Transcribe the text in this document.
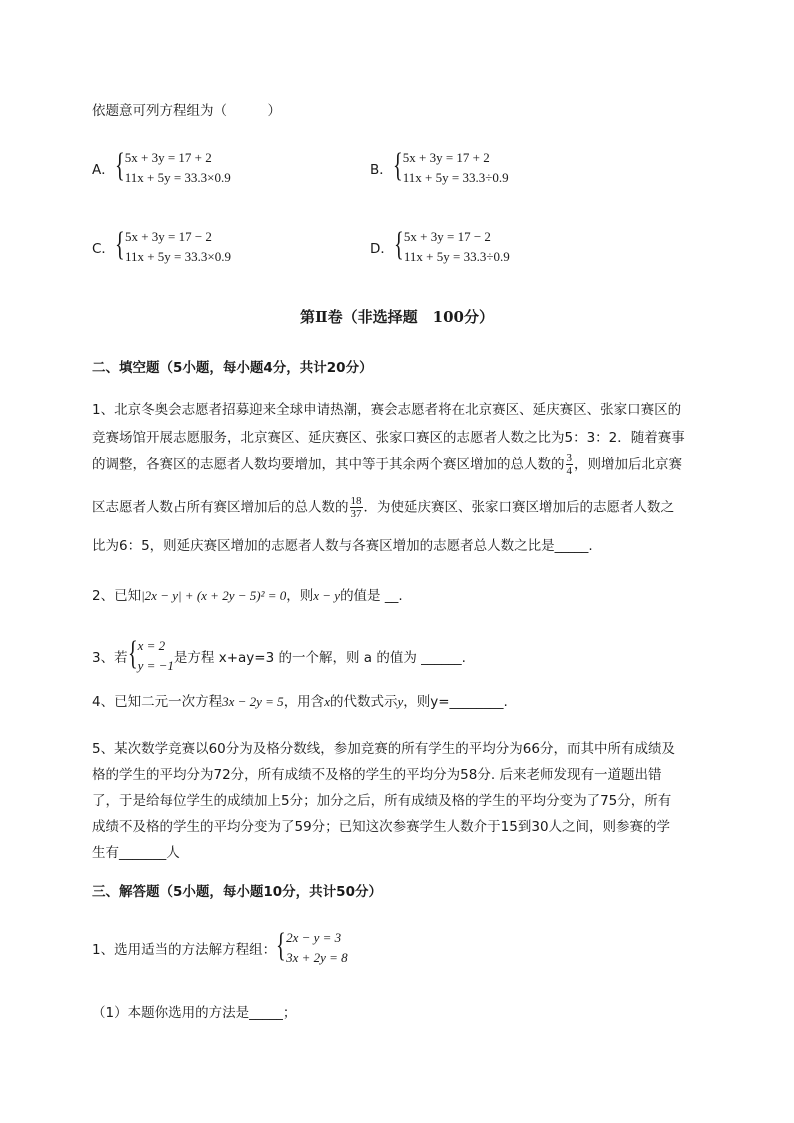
依题意可列方程组为（　　　）
A． { 5x + 3y = 17 + 2
11x + 5y = 33.3×0.9	B． { 5x + 3y = 17 + 2
11x + 5y = 33.3÷0.9
C． { 5x + 3y = 17 − 2
11x + 5y = 33.3×0.9	D． { 5x + 3y = 17 − 2
11x + 5y = 33.3÷0.9
第Ⅱ卷（非选择题　100分）
二、填空题（5小题，每小题4分，共计20分）
1、北京冬奥会志愿者招募迎来全球申请热潮，赛会志愿者将在北京赛区、延庆赛区、张家口赛区的
竞赛场馆开展志愿服务，北京赛区、延庆赛区、张家口赛区的志愿者人数之比为5：3：2．随着赛事
的调整，各赛区的志愿者人数均要增加，其中等于其余两个赛区增加的总人数的 $\frac{3}{4}$ ，则增加后北京赛
区志愿者人数占所有赛区增加后的总人数的 $\frac{18}{37}$ ．为使延庆赛区、张家口赛区增加后的志愿者人数之
比为6：5，则延庆赛区增加的志愿者人数与各赛区增加的志愿者总人数之比是_____.
2、已知|2x − y| + (x + 2y − 5)² = 0，则x − y的值是 __.
3、若 { x = 2
y = −1 是方程 x+ay=3 的一个解，则 a 的值为 ______.
4、已知二元一次方程3x − 2y = 5，用含x的代数式示y，则y=________.
5、某次数学竞赛以60分为及格分数线，参加竞赛的所有学生的平均分为66分，而其中所有成绩及
格的学生的平均分为72分，所有成绩不及格的学生的平均分为58分. 后来老师发现有一道题出错
了，于是给每位学生的成绩加上5分；加分之后，所有成绩及格的学生的平均分变为了75分，所有
成绩不及格的学生的平均分变为了59分；已知这次参赛学生人数介于15到30人之间，则参赛的学
生有_______人
三、解答题（5小题，每小题10分，共计50分）
1、选用适当的方法解方程组： { 2x − y = 3
3x + 2y = 8
（1）本题你选用的方法是_____；
